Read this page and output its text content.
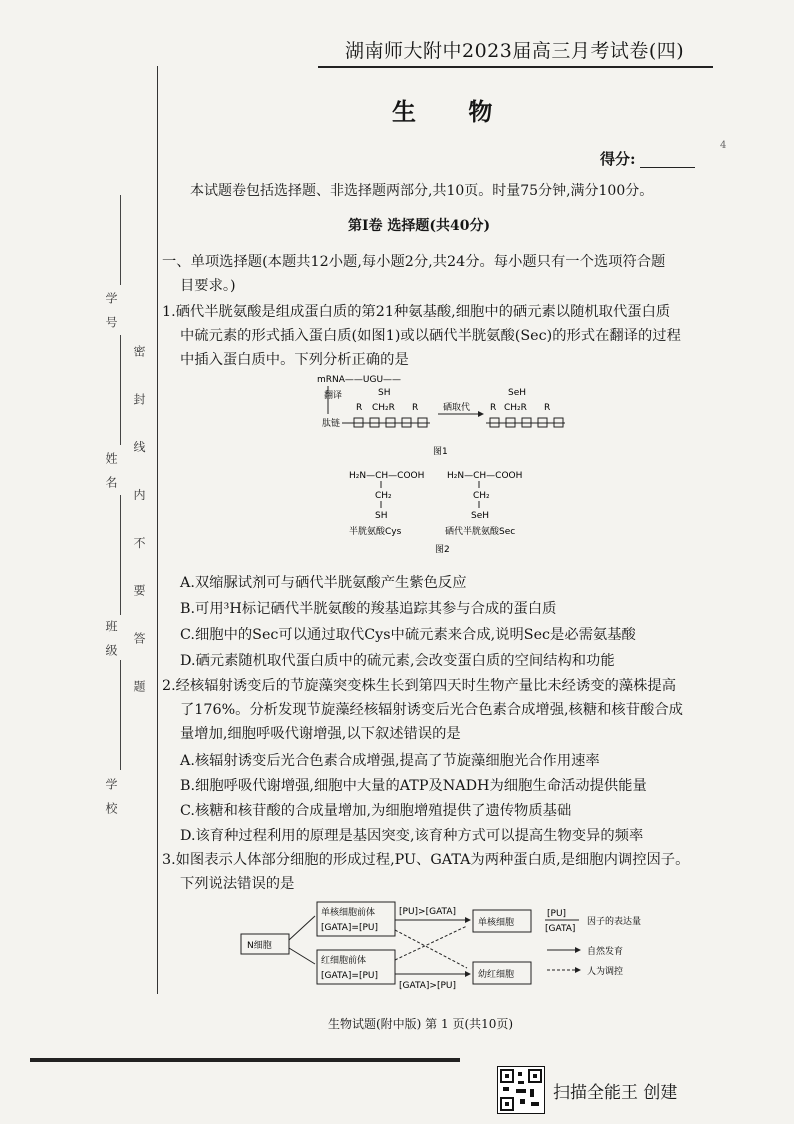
湖南师大附中2023届高三月考试卷(四)
生 物
得分:
4
本试题卷包括选择题、非选择题两部分,共10页。时量75分钟,满分100分。
第Ⅰ卷 选择题(共40分)
学 号
姓 名
班 级
学 校
密 封 线 内 不 要 答 题
一、单项选择题(本题共12小题,每小题2分,共24分。每小题只有一个选项符合题
目要求。)
1.硒代半胱氨酸是组成蛋白质的第21种氨基酸,细胞中的硒元素以随机取代蛋白质
中硫元素的形式插入蛋白质(如图1)或以硒代半胱氨酸(Sec)的形式在翻译的过程
中插入蛋白质中。下列分析正确的是
mRNA——UGU——
翻译	SH
R CH₂R R
肽链
硒取代
SeH
R CH₂R R
图1
H₂N—CH—COOH
CH₂
SH
半胱氨酸Cys
H₂N—CH—COOH
CH₂
SeH
硒代半胱氨酸Sec
图2
A.双缩脲试剂可与硒代半胱氨酸产生紫色反应
B.可用³H标记硒代半胱氨酸的羧基追踪其参与合成的蛋白质
C.细胞中的Sec可以通过取代Cys中硫元素来合成,说明Sec是必需氨基酸
D.硒元素随机取代蛋白质中的硫元素,会改变蛋白质的空间结构和功能
2.经核辐射诱变后的节旋藻突变株生长到第四天时生物产量比未经诱变的藻株提高
了176%。分析发现节旋藻经核辐射诱变后光合色素合成增强,核糖和核苷酸合成
量增加,细胞呼吸代谢增强,以下叙述错误的是
A.核辐射诱变后光合色素合成增强,提高了节旋藻细胞光合作用速率
B.细胞呼吸代谢增强,细胞中大量的ATP及NADH为细胞生命活动提供能量
C.核糖和核苷酸的合成量增加,为细胞增殖提供了遗传物质基础
D.该育种过程利用的原理是基因突变,该育种方式可以提高生物变异的频率
3.如图表示人体部分细胞的形成过程,PU、GATA为两种蛋白质,是细胞内调控因子。
下列说法错误的是
N细胞
单核细胞前体
[GATA]=[PU]
红细胞前体
[GATA]=[PU]
[PU]>[GATA]
[GATA]>[PU]
单核细胞
幼红细胞
[PU]
[GATA]
因子的表达量
自然发育
人为调控
生物试题(附中版) 第 1 页(共10页)
扫描全能王 创建
